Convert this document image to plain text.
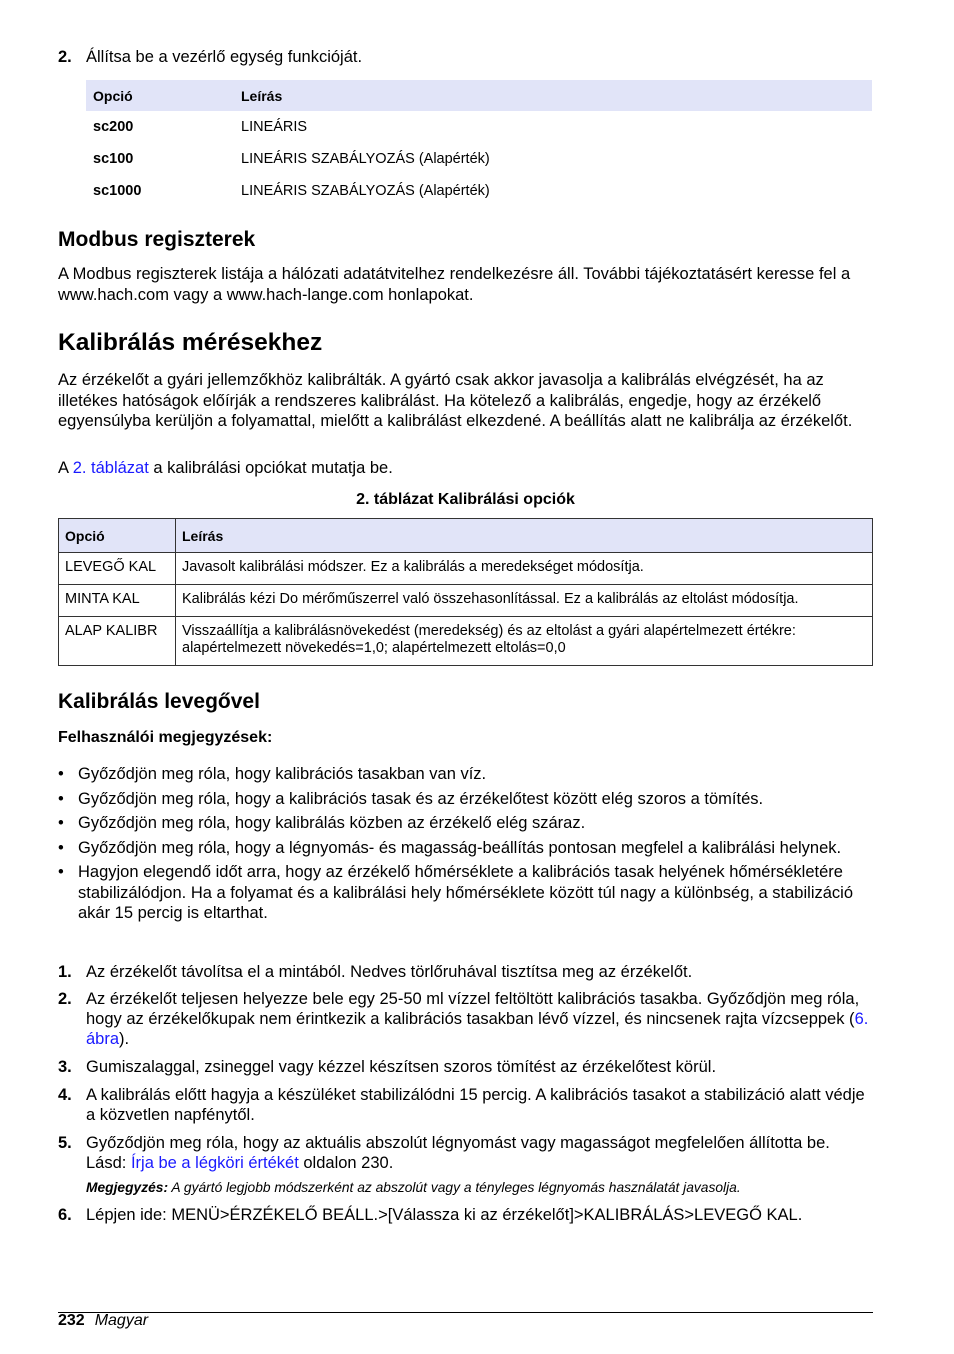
2. Állítsa be a vezérlő egység funkcióját.

Opció	Leírás
sc200	LINEÁRIS
sc100	LINEÁRIS SZABÁLYOZÁS (Alapérték)
sc1000	LINEÁRIS SZABÁLYOZÁS (Alapérték)
Modbus regiszterek

A Modbus regiszterek listája a hálózati adatátvitelhez rendelkezésre áll. További tájékoztatásért keresse fel a www.hach.com vagy a www.hach-lange.com honlapokat.

Kalibrálás mérésekhez

Az érzékelőt a gyári jellemzőkhöz kalibrálták. A gyártó csak akkor javasolja a kalibrálás elvégzését, ha az illetékes hatóságok előírják a rendszeres kalibrálást. Ha kötelező a kalibrálás, engedje, hogy az érzékelő egyensúlyba kerüljön a folyamattal, mielőtt a kalibrálást elkezdené. A beállítás alatt ne kalibrálja az érzékelőt.

A 2. táblázat a kalibrálási opciókat mutatja be.

2. táblázat Kalibrálási opciók
Opció	Leírás
LEVEGŐ KAL	Javasolt kalibrálási módszer. Ez a kalibrálás a meredekséget módosítja.
MINTA KAL	Kalibrálás kézi Do mérőműszerrel való összehasonlítással. Ez a kalibrálás az eltolást módosítja.
ALAP KALIBR	Visszaállítja a kalibrálásnövekedést (meredekség) és az eltolást a gyári alapértelmezett értékre: alapértelmezett növekedés=1,0; alapértelmezett eltolás=0,0
Kalibrálás levegővel
Felhasználói megjegyzések:
• Győződjön meg róla, hogy kalibrációs tasakban van víz.
• Győződjön meg róla, hogy a kalibrációs tasak és az érzékelőtest között elég szoros a tömítés.
• Győződjön meg róla, hogy kalibrálás közben az érzékelő elég száraz.
• Győződjön meg róla, hogy a légnyomás- és magasság-beállítás pontosan megfelel a kalibrálási helynek.
• Hagyjon elegendő időt arra, hogy az érzékelő hőmérséklete a kalibrációs tasak helyének hőmérsékletére stabilizálódjon. Ha a folyamat és a kalibrálási hely hőmérséklete között túl nagy a különbség, a stabilizáció akár 15 percig is eltarthat.
1. Az érzékelőt távolítsa el a mintából. Nedves törlőruhával tisztítsa meg az érzékelőt.

2. Az érzékelőt teljesen helyezze bele egy 25-50 ml vízzel feltöltött kalibrációs tasakba. Győződjön meg róla, hogy az érzékelőkupak nem érintkezik a kalibrációs tasakban lévő vízzel, és nincsenek rajta vízcseppek (6. ábra).

3. Gumiszalaggal, zsineggel vagy kézzel készítsen szoros tömítést az érzékelőtest körül.

4. A kalibrálás előtt hagyja a készüléket stabilizálódni 15 percig. A kalibrációs tasakot a stabilizáció alatt védje a közvetlen napfénytől.

5. Győződjön meg róla, hogy az aktuális abszolút légnyomást vagy magasságot megfelelően állította be. Lásd: Írja be a légköri értékét oldalon 230.

Megjegyzés: A gyártó legjobb módszerként az abszolút vagy a tényleges légnyomás használatát javasolja.

6. Lépjen ide: MENÜ>ÉRZÉKELŐ BEÁLL.>[Válassza ki az érzékelőt]>KALIBRÁLÁS>LEVEGŐ KAL.

232 Magyar
